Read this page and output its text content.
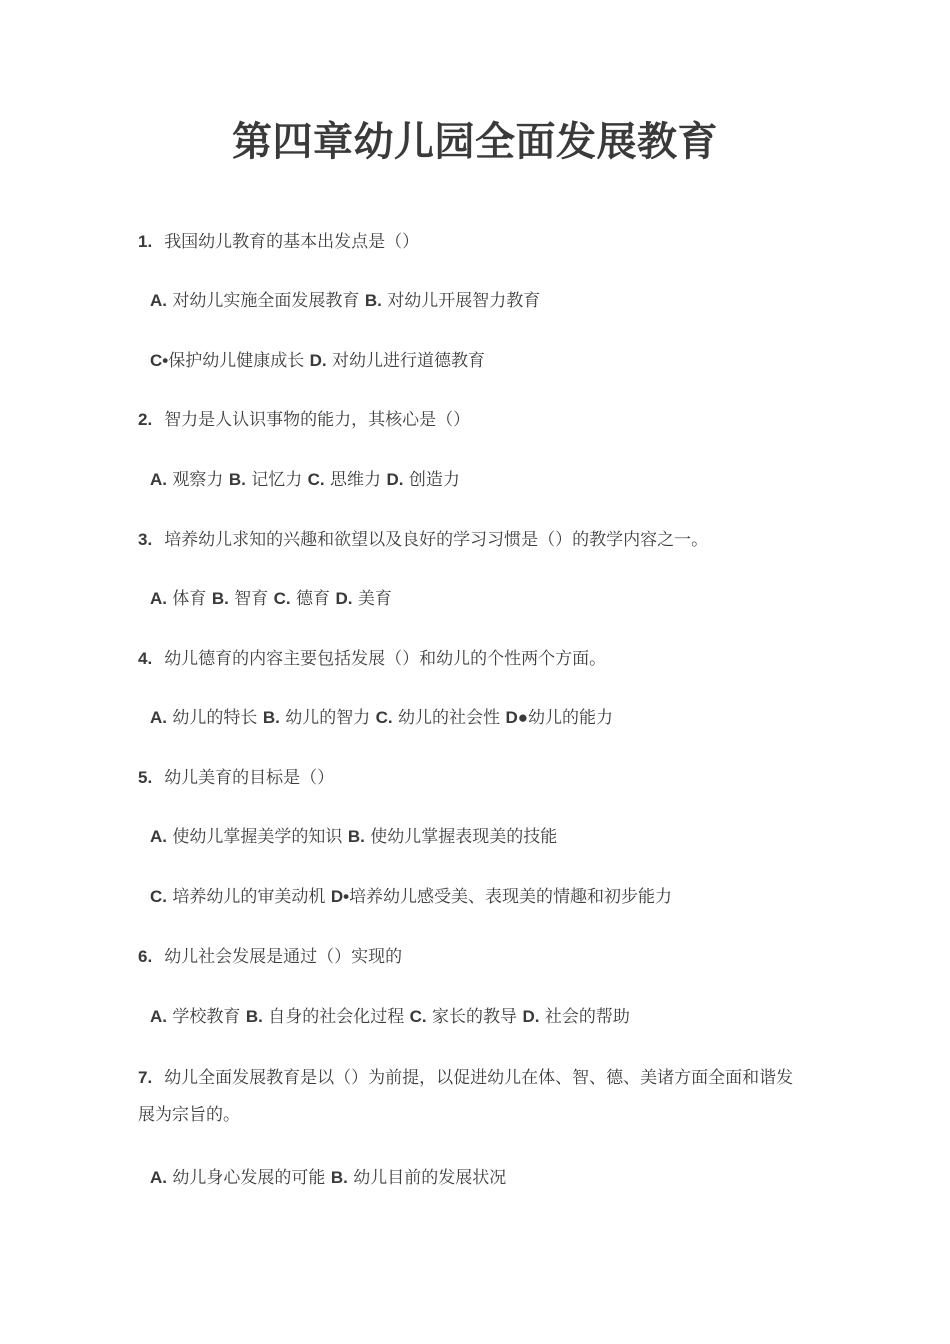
第四章幼儿园全面发展教育
1. 我国幼儿教育的基本出发点是（）
A. 对幼儿实施全面发展教育 B. 对幼儿开展智力教育
C•保护幼儿健康成长 D. 对幼儿进行道德教育
2. 智力是人认识事物的能力，其核心是（）
A. 观察力 B. 记忆力 C. 思维力 D. 创造力
3. 培养幼儿求知的兴趣和欲望以及良好的学习习惯是（）的教学内容之一。
A. 体育 B. 智育 C. 德育 D. 美育
4. 幼儿德育的内容主要包括发展（）和幼儿的个性两个方面。
A. 幼儿的特长 B. 幼儿的智力 C. 幼儿的社会性 D●幼儿的能力
5. 幼儿美育的目标是（）
A. 使幼儿掌握美学的知识 B. 使幼儿掌握表现美的技能
C. 培养幼儿的审美动机 D•培养幼儿感受美、表现美的情趣和初步能力
6. 幼儿社会发展是通过（）实现的
A. 学校教育 B. 自身的社会化过程 C. 家长的教导 D. 社会的帮助
7. 幼儿全面发展教育是以（）为前提，以促进幼儿在体、智、德、美诸方面全面和谐发展为宗旨的。
A. 幼儿身心发展的可能 B. 幼儿目前的发展状况
